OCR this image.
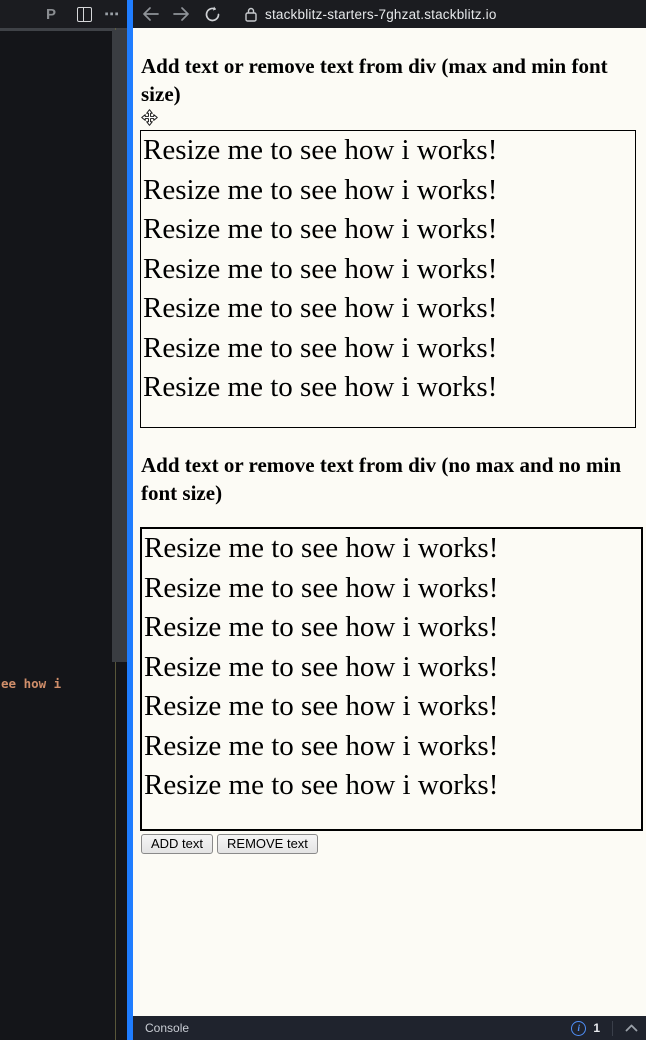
P	⋯	stackblitz-starters-7ghzat.stackblitz.io
ee how i
Add text or remove text from div (max and min font size)
Resize me to see how i works!
Resize me to see how i works!
Resize me to see how i works!
Resize me to see how i works!
Resize me to see how i works!
Resize me to see how i works!
Resize me to see how i works!
Add text or remove text from div (no max and no min font size)
Resize me to see how i works!
Resize me to see how i works!
Resize me to see how i works!
Resize me to see how i works!
Resize me to see how i works!
Resize me to see how i works!
Resize me to see how i works!
ADD text	REMOVE text
Console	i	1
